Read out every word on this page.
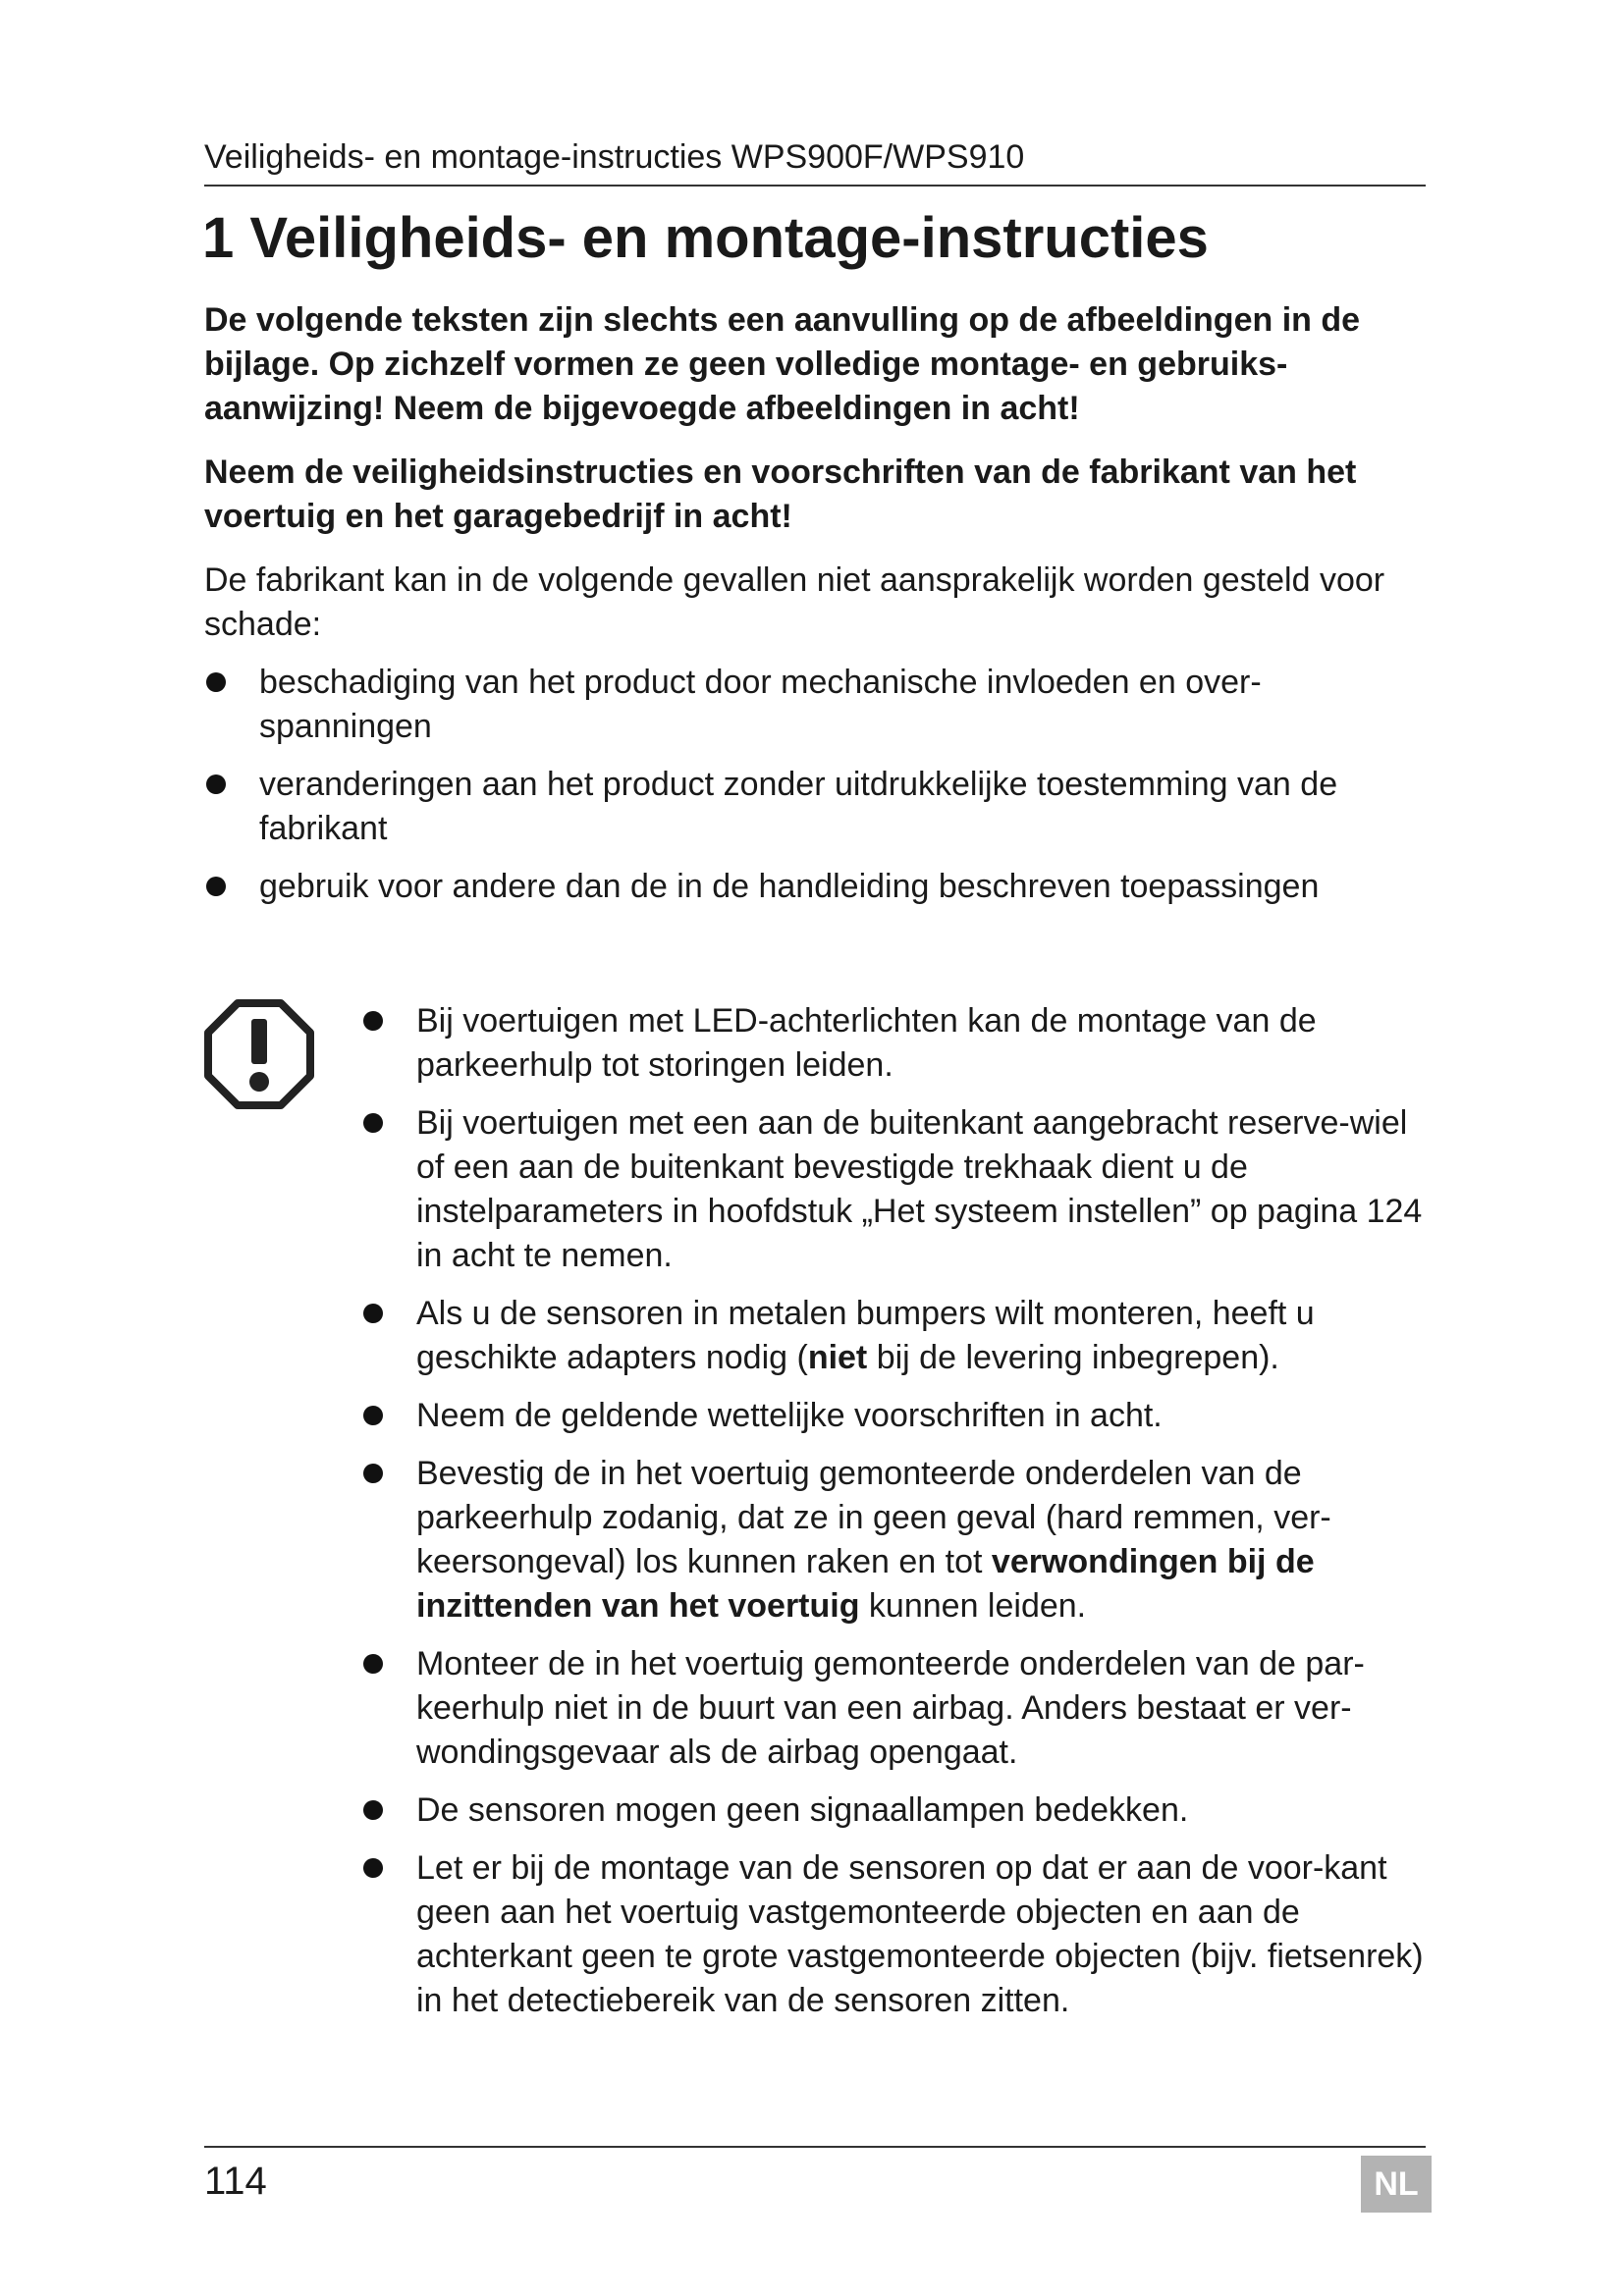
Veiligheids- en montage-instructies WPS900F/WPS910
1 Veiligheids- en montage-instructies

De volgende teksten zijn slechts een aanvulling op de afbeeldingen in de bijlage. Op zichzelf vormen ze geen volledige montage- en gebruiks-aanwijzing! Neem de bijgevoegde afbeeldingen in acht!

Neem de veiligheidsinstructies en voorschriften van de fabrikant van het voertuig en het garagebedrijf in acht!

De fabrikant kan in de volgende gevallen niet aansprakelijk worden gesteld voor schade:

beschadiging van het product door mechanische invloeden en over-spanningen
veranderingen aan het product zonder uitdrukkelijke toestemming van de fabrikant
gebruik voor andere dan de in de handleiding beschreven toepassingen
Bij voertuigen met LED-achterlichten kan de montage van de parkeerhulp tot storingen leiden.
Bij voertuigen met een aan de buitenkant aangebracht reserve-wiel of een aan de buitenkant bevestigde trekhaak dient u de instelparameters in hoofdstuk „Het systeem instellen” op pagina 124 in acht te nemen.
Als u de sensoren in metalen bumpers wilt monteren, heeft u geschikte adapters nodig (niet bij de levering inbegrepen).
Neem de geldende wettelijke voorschriften in acht.
Bevestig de in het voertuig gemonteerde onderdelen van de parkeerhulp zodanig, dat ze in geen geval (hard remmen, ver-keersongeval) los kunnen raken en tot verwondingen bij de inzittenden van het voertuig kunnen leiden.
Monteer de in het voertuig gemonteerde onderdelen van de par-keerhulp niet in de buurt van een airbag. Anders bestaat er ver-wondingsgevaar als de airbag opengaat.
De sensoren mogen geen signaallampen bedekken.
Let er bij de montage van de sensoren op dat er aan de voor-kant geen aan het voertuig vastgemonteerde objecten en aan de achterkant geen te grote vastgemonteerde objecten (bijv. fietsenrek) in het detectiebereik van de sensoren zitten.
114	NL
